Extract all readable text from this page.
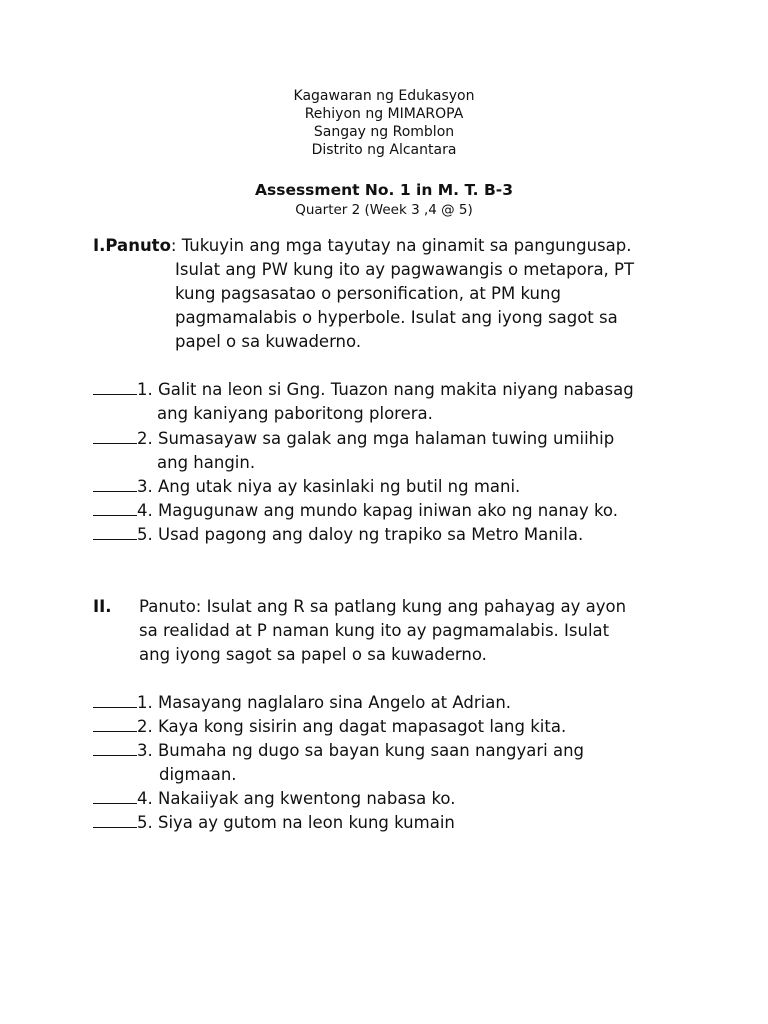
Kagawaran ng Edukasyon
Rehiyon ng MIMAROPA
Sangay ng Romblon
Distrito ng Alcantara
Assessment No. 1 in M. T. B-3
Quarter 2 (Week 3 ,4 @ 5)
I.Panuto: Tukuyin ang mga tayutay na ginamit sa pangungusap.
Isulat ang PW kung ito ay pagwawangis o metapora, PT
kung pagsasatao o personification, at PM kung
pagmamalabis o hyperbole. Isulat ang iyong sagot sa
papel o sa kuwaderno.
1. Galit na leon si Gng. Tuazon nang makita niyang nabasag
ang kaniyang paboritong plorera.
2. Sumasayaw sa galak ang mga halaman tuwing umiihip
ang hangin.
3. Ang utak niya ay kasinlaki ng butil ng mani.
4. Magugunaw ang mundo kapag iniwan ako ng nanay ko.
5. Usad pagong ang daloy ng trapiko sa Metro Manila.
II. Panuto: Isulat ang R sa patlang kung ang pahayag ay ayon
sa realidad at P naman kung ito ay pagmamalabis. Isulat
ang iyong sagot sa papel o sa kuwaderno.
1. Masayang naglalaro sina Angelo at Adrian.
2. Kaya kong sisirin ang dagat mapasagot lang kita.
3. Bumaha ng dugo sa bayan kung saan nangyari ang
digmaan.
4. Nakaiiyak ang kwentong nabasa ko.
5. Siya ay gutom na leon kung kumain
